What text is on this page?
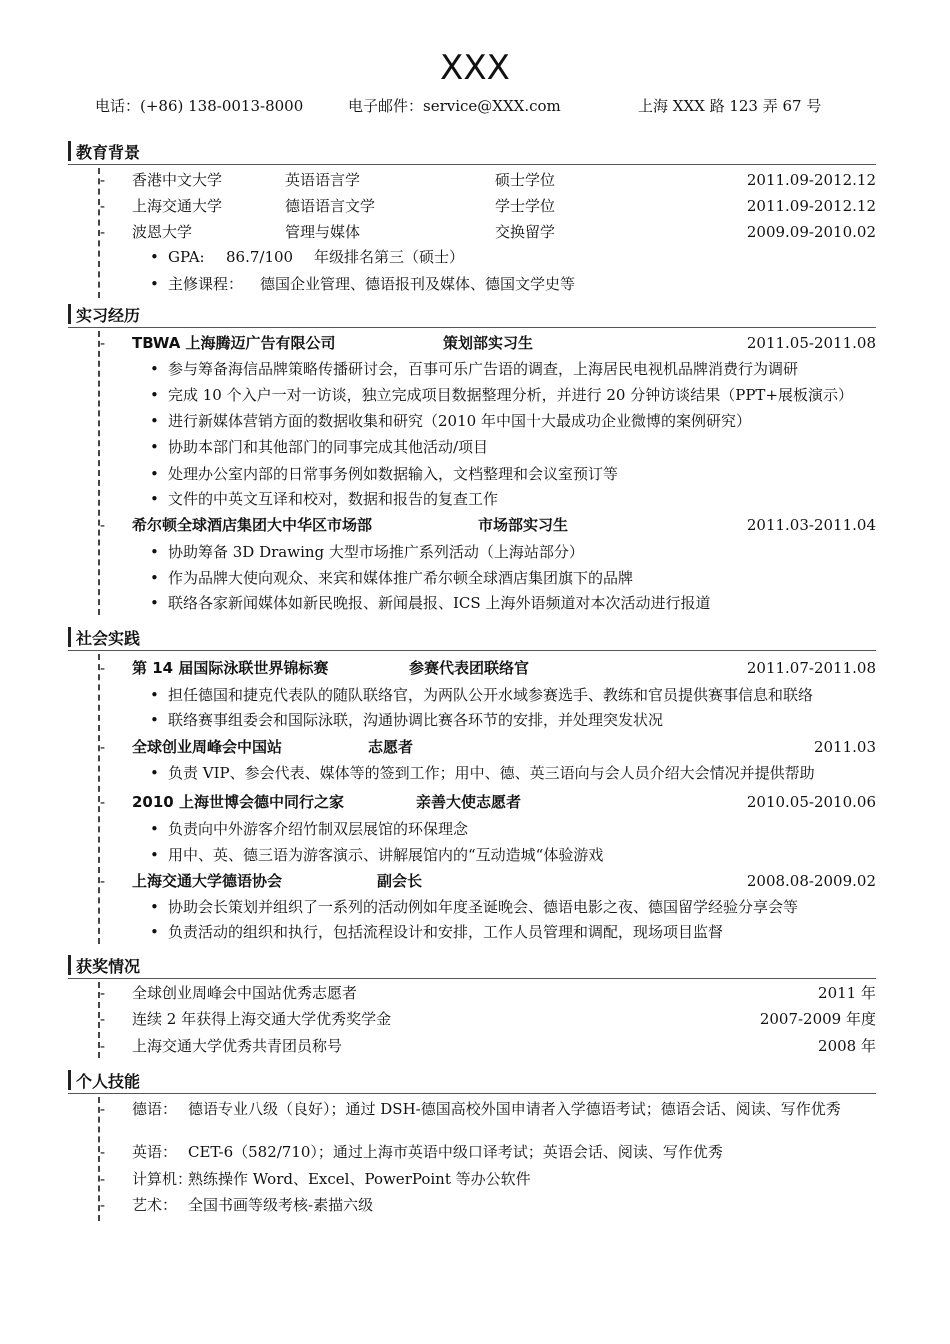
XXX
电话：(+86) 138-0013-8000	电子邮件：service@XXX.com	上海 XXX 路 123 弄 67 号
教育背景
- 香港中文大学	英语语言学	硕士学位	2011.09-2012.12
- 上海交通大学	德语语言文学	学士学位	2011.09-2012.12
- 波恩大学	管理与媒体	交换留学	2009.09-2010.02
• GPA: 86.7/100 年级排名第三（硕士）
• 主修课程： 德国企业管理、德语报刊及媒体、德国文学史等
实习经历
- TBWA 上海腾迈广告有限公司	策划部实习生	2011.05-2011.08
• 参与筹备海信品牌策略传播研讨会，百事可乐广告语的调查，上海居民电视机品牌消费行为调研
• 完成 10 个入户一对一访谈，独立完成项目数据整理分析，并进行 20 分钟访谈结果（PPT+展板演示）
• 进行新媒体营销方面的数据收集和研究（2010 年中国十大最成功企业微博的案例研究）
• 协助本部门和其他部门的同事完成其他活动/项目
• 处理办公室内部的日常事务例如数据输入，文档整理和会议室预订等
• 文件的中英文互译和校对，数据和报告的复查工作
- 希尔顿全球酒店集团大中华区市场部	市场部实习生	2011.03-2011.04
• 协助筹备 3D Drawing 大型市场推广系列活动（上海站部分）
• 作为品牌大使向观众、来宾和媒体推广希尔顿全球酒店集团旗下的品牌
• 联络各家新闻媒体如新民晚报、新闻晨报、ICS 上海外语频道对本次活动进行报道
社会实践
- 第 14 届国际泳联世界锦标赛	参赛代表团联络官	2011.07-2011.08
• 担任德国和捷克代表队的随队联络官，为两队公开水域参赛选手、教练和官员提供赛事信息和联络
• 联络赛事组委会和国际泳联，沟通协调比赛各环节的安排，并处理突发状况
- 全球创业周峰会中国站	志愿者	2011.03
• 负责 VIP、参会代表、媒体等的签到工作；用中、德、英三语向与会人员介绍大会情况并提供帮助
- 2010 上海世博会德中同行之家	亲善大使志愿者	2010.05-2010.06
• 负责向中外游客介绍竹制双层展馆的环保理念
• 用中、英、德三语为游客演示、讲解展馆内的“互动造城“体验游戏
- 上海交通大学德语协会	副会长	2008.08-2009.02
• 协助会长策划并组织了一系列的活动例如年度圣诞晚会、德语电影之夜、德国留学经验分享会等
• 负责活动的组织和执行，包括流程设计和安排，工作人员管理和调配，现场项目监督
获奖情况
- 全球创业周峰会中国站优秀志愿者	2011 年
- 连续 2 年获得上海交通大学优秀奖学金	2007-2009 年度
- 上海交通大学优秀共青团员称号	2008 年
个人技能
- 德语： 德语专业八级（良好）；通过 DSH-德国高校外国申请者入学德语考试；德语会话、阅读、写作优秀
- 英语： CET-6（582/710）；通过上海市英语中级口译考试；英语会话、阅读、写作优秀
- 计算机：
熟练操作 Word、Excel、PowerPoint 等办公软件
- 艺术： 全国书画等级考核-素描六级
